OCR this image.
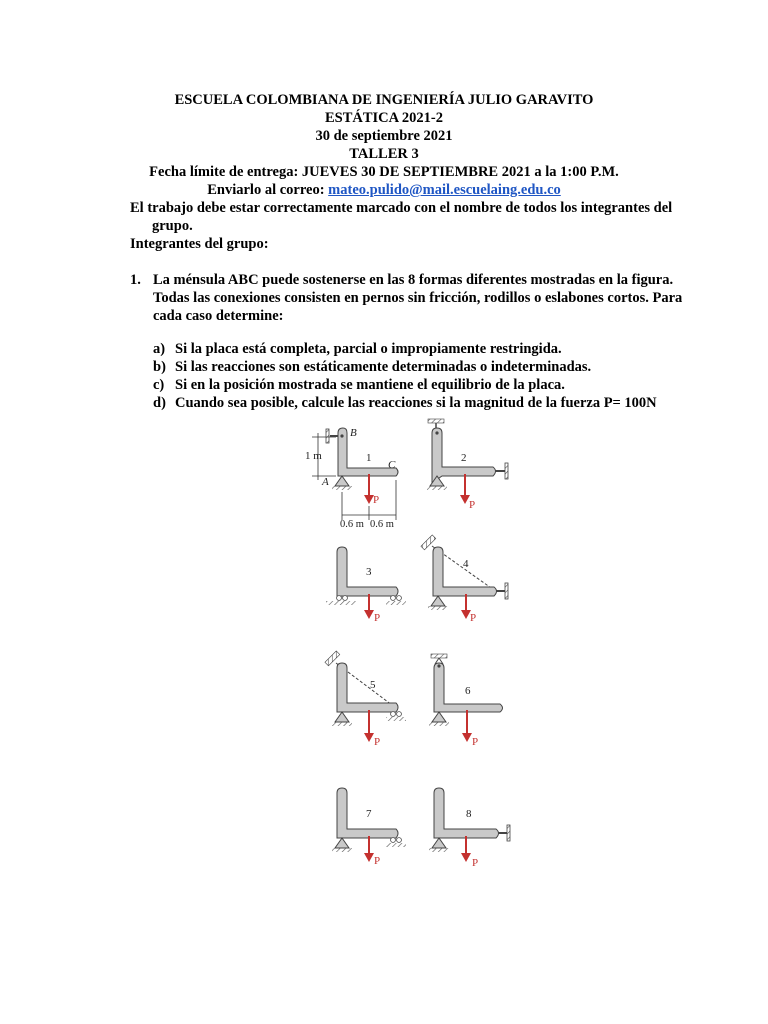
ESCUELA COLOMBIANA DE INGENIERÍA JULIO GARAVITO
ESTÁTICA 2021-2
30 de septiembre 2021
TALLER 3
Fecha límite de entrega: JUEVES 30 DE SEPTIEMBRE 2021 a la 1:00 P.M.
Enviarlo al correo: mateo.pulido@mail.escuelaing.edu.co
El trabajo debe estar correctamente marcado con el nombre de todos los integrantes del
grupo.
Integrantes del grupo:
1. La ménsula ABC puede sostenerse en las 8 formas diferentes mostradas en la figura.
Todas las conexiones consisten en pernos sin fricción, rodillos o eslabones cortos. Para
cada caso determine:
a) Si la placa está completa, parcial o impropiamente restringida.
b) Si las reacciones son estáticamente determinadas o indeterminadas.
c) Si en la posición mostrada se mantiene el equilibrio de la placa.
d) Cuando sea posible, calcule las reacciones si la magnitud de la fuerza P= 100N
1 m
B
1
C
A
P
0.6 m 0.6 m
2
P
3
P
4
P
5
P
6
P
7
P
8
P
